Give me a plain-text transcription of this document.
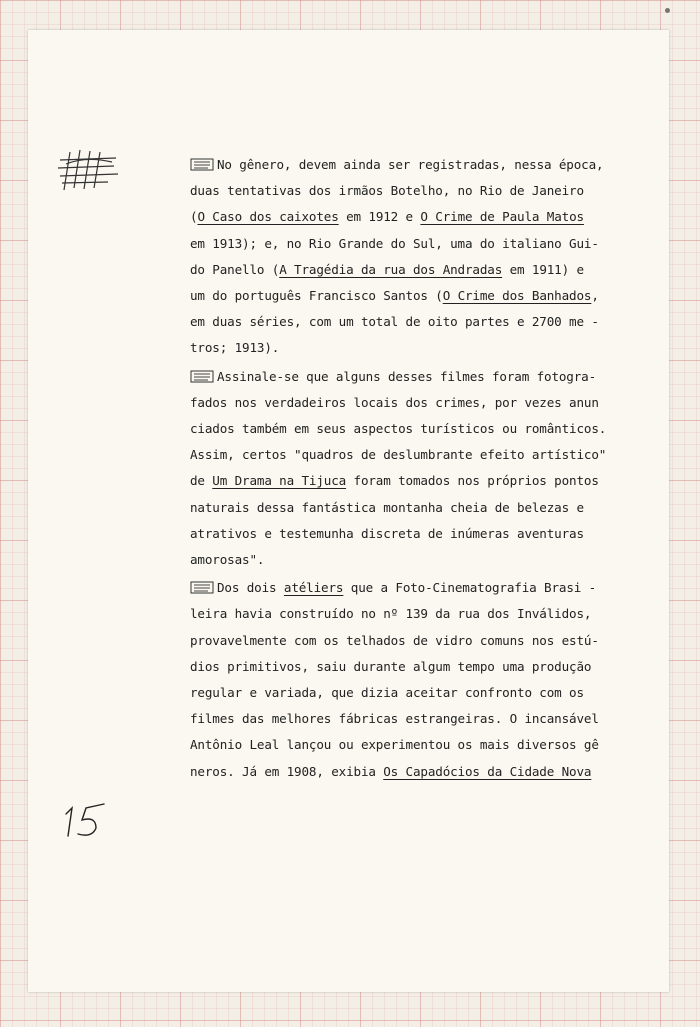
No gênero, devem ainda ser registradas, nessa época,
duas tentativas dos irmãos Botelho, no Rio de Janeiro
(O Caso dos caixotes em 1912 e O Crime de Paula Matos
em 1913); e, no Rio Grande do Sul, uma do italiano Gui-
do Panello (A Tragédia da rua dos Andradas em 1911) e
um do português Francisco Santos (O Crime dos Banhados,
em duas séries, com um total de oito partes e 2700 me -
tros; 1913).
Assinale-se que alguns desses filmes foram fotogra-
fados nos verdadeiros locais dos crimes, por vezes anun
ciados também em seus aspectos turísticos ou românticos.
Assim, certos "quadros de deslumbrante efeito artístico"
de Um Drama na Tijuca foram tomados nos próprios pontos
naturais dessa fantástica montanha cheia de belezas e
atrativos e testemunha discreta de inúmeras aventuras
amorosas".
Dos dois atéliers que a Foto-Cinematografia Brasi -
leira havia construído no nº 139 da rua dos Inválidos,
provavelmente com os telhados de vidro comuns nos estú-
dios primitivos, saiu durante algum tempo uma produção
regular e variada, que dizia aceitar confronto com os
filmes das melhores fábricas estrangeiras. O incansável
Antônio Leal lançou ou experimentou os mais diversos gê
neros. Já em 1908, exibia Os Capadócios da Cidade Nova
